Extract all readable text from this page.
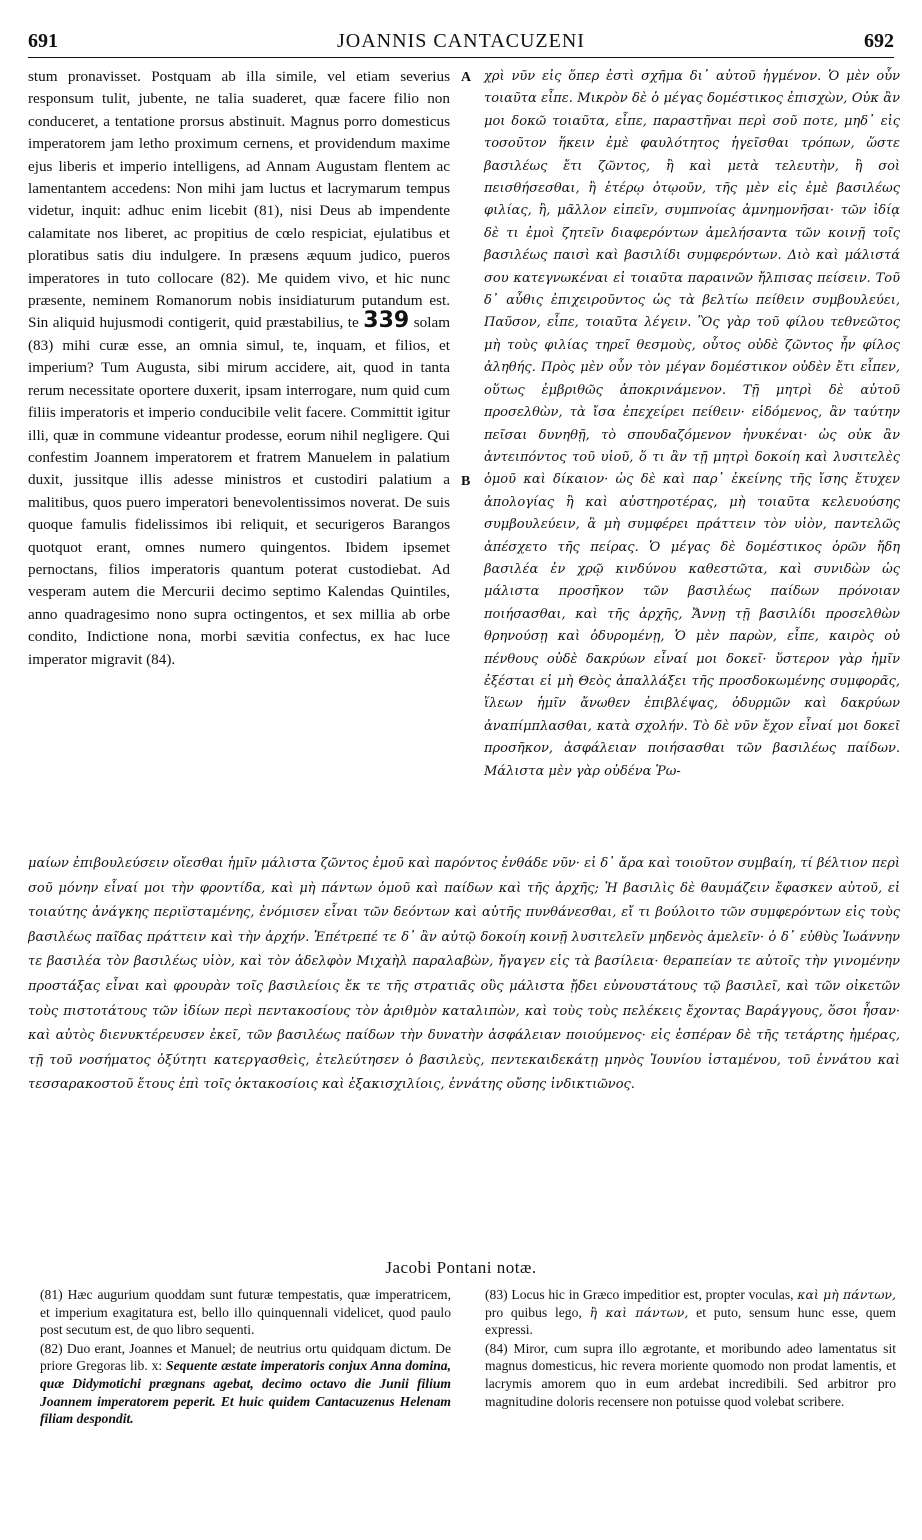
691	JOANNIS CANTACUZENI	692
stum pronavisset. Postquam ab illa simile, vel etiam severius responsum tulit, jubente, ne talia suaderet, quæ facere filio non conduceret, a tentatione prorsus abstinuit. Magnus porro domesticus imperatorem jam letho proximum cernens, et providendum maxime ejus liberis et imperio intelligens, ad Annam Augustam flentem ac lamentantem accedens: Non mihi jam luctus et lacrymarum tempus videtur, inquit: adhuc enim licebit (81), nisi Deus ab impendente calamitate nos liberet, ac propitius de cœlo respiciat, ejulatibus et ploratibus satis diu indulgere. In præsens æquum judico, pueros imperatores in tuto collocare (82). Me quidem vivo, et hic nunc præsente, neminem Romanorum nobis insidiaturum putandum est. Sin aliquid hujusmodi contigerit, quid præstabilius, te 339 solam (83) mihi curæ esse, an omnia simul, te, inquam, et filios, et imperium? Tum Augusta, sibi mirum accidere, ait, quod in tanta rerum necessitate oportere duxerit, ipsam interrogare, num quid cum filiis imperatoris et imperio conducibile velit facere. Committit igitur illi, quæ in commune videantur prodesse, eorum nihil negligere. Qui confestim Joannem imperatorem et fratrem Manuelem in palatium duxit, jussitque illis adesse ministros et custodiri palatium a malitibus, quos puero imperatori benevolentissimos noverat. De suis quoque famulis fidelissimos ibi reliquit, et securigeros Barangos quotquot erant, omnes numero quingentos. Ibidem ipsemet pernoctans, filios imperatoris quantum poterat custodiebat. Ad vesperam autem die Mercurii decimo septimo Kalendas Quintiles, anno quadragesimo nono supra octingentos, et sex millia ab orbe condito, Indictione nona, morbi sævitia confectus, ex hac luce imperator migravit (84).
A
B
χρὶ νῦν εἰς ὅπερ ἐστὶ σχῆμα δι᾽ αὐτοῦ ἡγμένον. Ὁ μὲν οὖν τοιαῦτα εἶπε. Μικρὸν δὲ ὁ μέγας δομέστικος ἐπισχὼν, Οὐκ ἂν μοι δοκῶ τοιαῦτα, εἶπε, παραστῆναι περὶ σοῦ ποτε, μηδ᾽ εἰς τοσοῦτον ἥκειν ἐμὲ φαυλότητος ἡγεῖσθαι τρόπων, ὥστε βασιλέως ἔτι ζῶντος, ἢ καὶ μετὰ τελευτὴν, ἢ σοὶ πεισθήσεσθαι, ἢ ἑτέρῳ ὁτῳοῦν, τῆς μὲν εἰς ἐμὲ βασιλέως φιλίας, ἢ, μᾶλλον εἰπεῖν, συμπνοίας ἀμνημονῆσαι· τῶν ἰδίᾳ δὲ τι ἐμοὶ ζητεῖν διαφερόντων ἀμελήσαντα τῶν κοινῇ τοῖς βασιλέως παισὶ καὶ βασιλίδι συμφερόντων. Διὸ καὶ μάλιστά σου κατεγνωκέναι εἰ τοιαῦτα παραινῶν ἤλπισας πείσειν. Τοῦ δ᾽ αὖθις ἐπιχειροῦντος ὡς τὰ βελτίω πείθειν συμβουλεύει, Παῦσον, εἶπε, τοιαῦτα λέγειν. Ὃς γὰρ τοῦ φίλου τεθνεῶτος μὴ τοὺς φιλίας τηρεῖ θεσμοὺς, οὗτος οὐδὲ ζῶντος ἦν φίλος ἀληθής. Πρὸς μὲν οὖν τὸν μέγαν δομέστικον οὐδὲν ἔτι εἶπεν, οὕτως ἐμβριθῶς ἀποκρινάμενον. Τῇ μητρὶ δὲ αὐτοῦ προσελθὼν, τὰ ἴσα ἐπεχείρει πείθειν· εἰδόμενος, ἂν ταύτην πεῖσαι δυνηθῇ, τὸ σπουδαζόμενον ἠνυκέναι· ὡς οὐκ ἂν ἀντειπόντος τοῦ υἱοῦ, ὅ τι ἂν τῇ μητρὶ δοκοίη καὶ λυσιτελὲς ὁμοῦ καὶ δίκαιον· ὡς δὲ καὶ παρ᾽ ἐκείνης τῆς ἴσης ἔτυχεν ἀπολογίας ἢ καὶ αὐστηροτέρας, μὴ τοιαῦτα κελευούσης συμβουλεύειν, ἃ μὴ συμφέρει πράττειν τὸν υἱὸν, παντελῶς ἀπέσχετο τῆς πείρας. Ὁ μέγας δὲ δομέστικος ὁρῶν ἤδη βασιλέα ἐν χρῷ κινδύνου καθεστῶτα, καὶ συνιδὼν ὡς μάλιστα προσῆκον τῶν βασιλέως παίδων πρόνοιαν ποιήσασθαι, καὶ τῆς ἀρχῆς, Ἄννῃ τῇ βασιλίδι προσελθὼν θρηνούσῃ καὶ ὀδυρομένῃ, Ὁ μὲν παρὼν, εἶπε, καιρὸς οὐ πένθους οὐδὲ δακρύων εἶναί μοι δοκεῖ· ὕστερον γὰρ ἡμῖν ἐξέσται εἰ μὴ Θεὸς ἀπαλλάξει τῆς προσδοκωμένης συμφορᾶς, ἵλεων ἡμῖν ἄνωθεν ἐπιβλέψας, ὀδυρμῶν καὶ δακρύων ἀναπίμπλασθαι, κατὰ σχολήν. Τὸ δὲ νῦν ἔχον εἶναί μοι δοκεῖ προσῆκον, ἀσφάλειαν ποιήσασθαι τῶν βασιλέως παίδων. Μάλιστα μὲν γὰρ οὐδένα Ῥω-
μαίων ἐπιβουλεύσειν οἴεσθαι ἡμῖν μάλιστα ζῶντος ἐμοῦ καὶ παρόντος ἐνθάδε νῦν· εἰ δ᾽ ἄρα καὶ τοιοῦτον συμβαίη, τί βέλτιον περὶ σοῦ μόνην εἶναί μοι τὴν φροντίδα, καὶ μὴ πάντων ὁμοῦ καὶ παίδων καὶ τῆς ἀρχῆς; Ἡ βασιλὶς δὲ θαυμάζειν ἔφασκεν αὐτοῦ, εἰ τοιαύτης ἀνάγκης περιϊσταμένης, ἐνόμισεν εἶναι τῶν δεόντων καὶ αὐτῆς πυνθάνεσθαι, εἴ τι βούλοιτο τῶν συμφερόντων εἰς τοὺς βασιλέως παῖδας πράττειν καὶ τὴν ἀρχήν. Ἐπέτρεπέ τε δ᾽ ἂν αὐτῷ δοκοίη κοινῇ λυσιτελεῖν μηδενὸς ἀμελεῖν· ὁ δ᾽ εὐθὺς Ἰωάννην τε βασιλέα τὸν βασιλέως υἱὸν, καὶ τὸν ἀδελφὸν Μιχαὴλ παραλαβὼν, ἤγαγεν εἰς τὰ βασίλεια· θεραπείαν τε αὐτοῖς τὴν γινομένην προστάξας εἶναι καὶ φρουρὰν τοῖς βασιλείοις ἔκ τε τῆς στρατιᾶς οὓς μάλιστα ᾔδει εὐνουστάτους τῷ βασιλεῖ, καὶ τῶν οἰκετῶν τοὺς πιστοτάτους τῶν ἰδίων περὶ πεντακοσίους τὸν ἀριθμὸν καταλιπὼν, καὶ τοὺς τοὺς πελέκεις ἔχοντας Βαράγγους, ὅσοι ἦσαν· καὶ αὐτὸς διενυκτέρευσεν ἐκεῖ, τῶν βασιλέως παίδων τὴν δυνατὴν ἀσφάλειαν ποιούμενος· εἰς ἑσπέραν δὲ τῆς τετάρτης ἡμέρας, τῇ τοῦ νοσήματος ὀξύτητι κατεργασθεὶς, ἐτελεύτησεν ὁ βασιλεὺς, πεντεκαιδεκάτῃ μηνὸς Ἰουνίου ἱσταμένου, τοῦ ἐννάτου καὶ τεσσαρακοστοῦ ἔτους ἐπὶ τοῖς ὀκτακοσίοις καὶ ἑξακισχιλίοις, ἐννάτης οὔσης ἰνδικτιῶνος.
Jacobi Pontani notæ.

(81) Hæc augurium quoddam sunt futuræ tempestatis, quæ imperatricem, et imperium exagitatura est, bello illo quinquennali videlicet, quod paulo post secutum est, de quo libro sequenti.

(82) Duo erant, Joannes et Manuel; de neutrius ortu quidquam dictum. De priore Gregoras lib. x: Sequente æstate imperatoris conjux Anna domina, quæ Didymotichi prægnans agebat, decimo octavo die Junii filium Joannem imperatorem peperit. Et huic quidem Cantacuzenus Helenam filiam despondit.

(83) Locus hic in Græco impeditior est, propter voculas, καὶ μὴ πάντων, pro quibus lego, ἢ καὶ πάντων, et puto, sensum hunc esse, quem expressi.

(84) Miror, cum supra illo ægrotante, et moribundo adeo lamentatus sit magnus domesticus, hic revera moriente quomodo non prodat lamentis, et lacrymis amorem quo in eum ardebat incredibili. Sed arbitror pro magnitudine doloris recensere non potuisse quod volebat scribere.
